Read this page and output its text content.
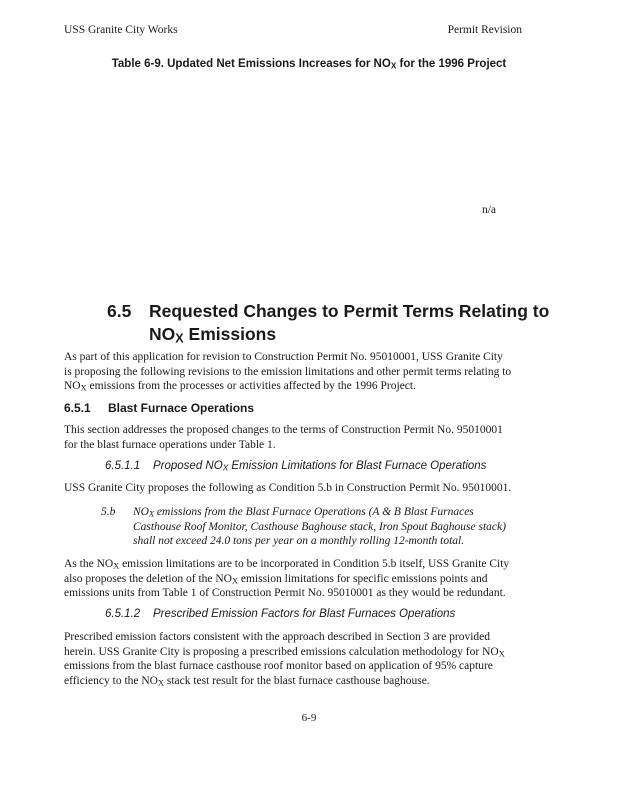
USS Granite City Works	Permit Revision
Table 6-9. Updated Net Emissions Increases for $NO_X$ for the 1996 Project
n/a
6.5 Requested Changes to Permit Terms Relating to
$NO_X$ Emissions
As part of this application for revision to Construction Permit No. 95010001, USS Granite City
is proposing the following revisions to the emission limitations and other permit terms relating to
$NO_X$ emissions from the processes or activities affected by the 1996 Project.
6.5.1 Blast Furnace Operations
This section addresses the proposed changes to the terms of Construction Permit No. 95010001
for the blast furnace operations under Table 1.
6.5.1.1 Proposed $NO_X$ Emission Limitations for Blast Furnace Operations
USS Granite City proposes the following as Condition 5.b in Construction Permit No. 95010001.
5.b $NO_X$ emissions from the Blast Furnace Operations (A & B Blast Furnaces
Casthouse Roof Monitor, Casthouse Baghouse stack, Iron Spout Baghouse stack)
shall not exceed 24.0 tons per year on a monthly rolling 12-month total.
As the $NO_X$ emission limitations are to be incorporated in Condition 5.b itself, USS Granite City
also proposes the deletion of the $NO_X$ emission limitations for specific emissions points and
emissions units from Table 1 of Construction Permit No. 95010001 as they would be redundant.
6.5.1.2 Prescribed Emission Factors for Blast Furnaces Operations
Prescribed emission factors consistent with the approach described in Section 3 are provided
herein. USS Granite City is proposing a prescribed emissions calculation methodology for $NO_X$
emissions from the blast furnace casthouse roof monitor based on application of 95% capture
efficiency to the $NO_X$ stack test result for the blast furnace casthouse baghouse.
6-9
